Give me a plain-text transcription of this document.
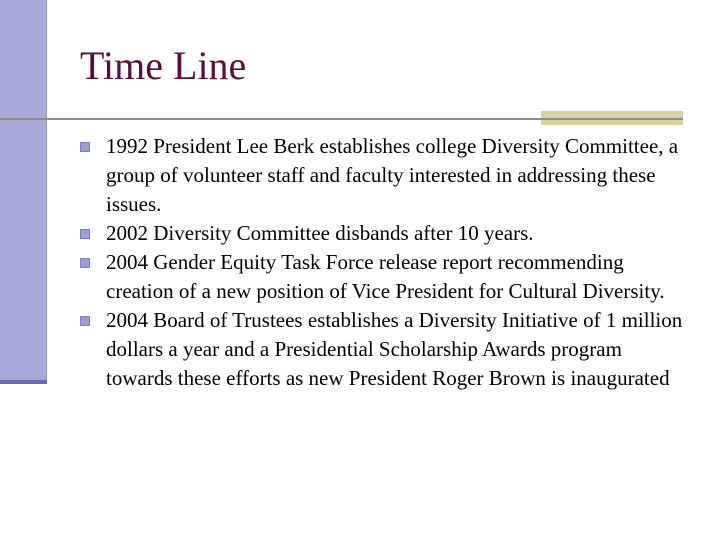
Time Line
1992 President Lee Berk establishes college Diversity Committee, a group of volunteer staff and faculty interested in addressing these issues.
2002 Diversity Committee disbands after 10 years.
2004 Gender Equity Task Force release report recommending creation of a new position of Vice President for Cultural Diversity.
2004 Board of Trustees establishes a Diversity Initiative of 1 million dollars a year and a Presidential Scholarship Awards program towards these efforts as new President Roger Brown is inaugurated
